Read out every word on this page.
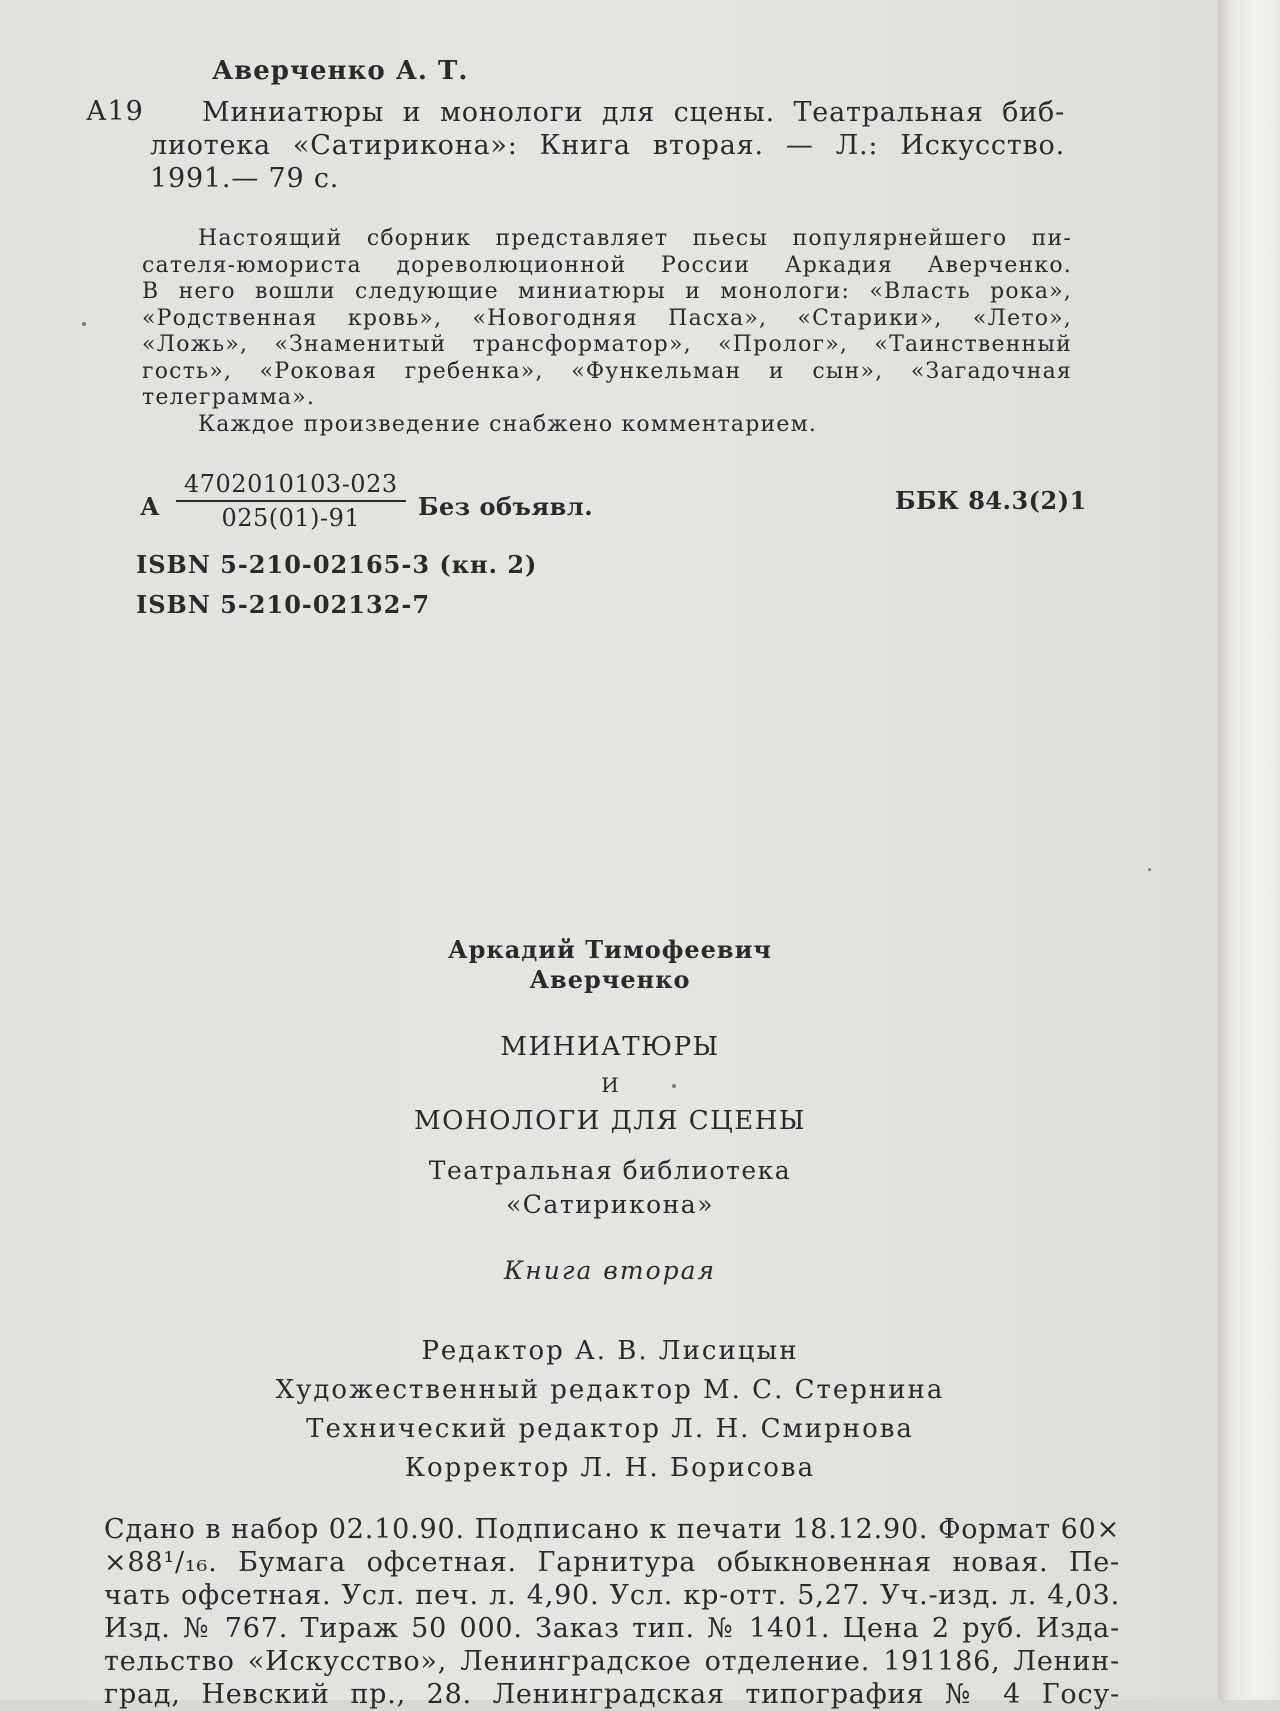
Аверченко А. Т.
А19 Миниатюры и монологи для сцены. Театральная биб-
лиотека «Сатирикона»: Книга вторая. — Л.: Искусство.
1991.— 79 с.
Настоящий сборник представляет пьесы популярнейшего пи-
сателя-юмориста дореволюционной России Аркадия Аверченко.
В него вошли следующие миниатюры и монологи: «Власть рока»,
«Родственная кровь», «Новогодняя Пасха», «Старики», «Лето»,
«Ложь», «Знаменитый трансформатор», «Пролог», «Таинственный
гость», «Роковая гребенка», «Функельман и сын», «Загадочная
телеграмма».
Каждое произведение снабжено комментарием.
А $\frac{4702010103-023}{025(01)-91}$ Без объявл.	ББК 84.3(2)1
ISBN 5-210-02165-3 (кн. 2)
ISBN 5-210-02132-7
Аркадий Тимофеевич
Аверченко
МИНИАТЮРЫ
И
МОНОЛОГИ ДЛЯ СЦЕНЫ
Театральная библиотека
«Сатирикона»
Книга вторая
Редактор А. В. Лисицын
Художественный редактор М. С. Стернина
Технический редактор Л. Н. Смирнова
Корректор Л. Н. Борисова
Сдано в набор 02.10.90. Подписано к печати 18.12.90. Формат 60×
×88¹/₁₆. Бумага офсетная. Гарнитура обыкновенная новая. Пе-
чать офсетная. Усл. печ. л. 4,90. Усл. кр-отт. 5,27. Уч.-изд. л. 4,03.
Изд. № 767. Тираж 50 000. Заказ тип. № 1401. Цена 2 руб. Изда-
тельство «Искусство», Ленинградское отделение. 191186, Ленин-
град, Невский пр., 28. Ленинградская типография № 4 Госу-
